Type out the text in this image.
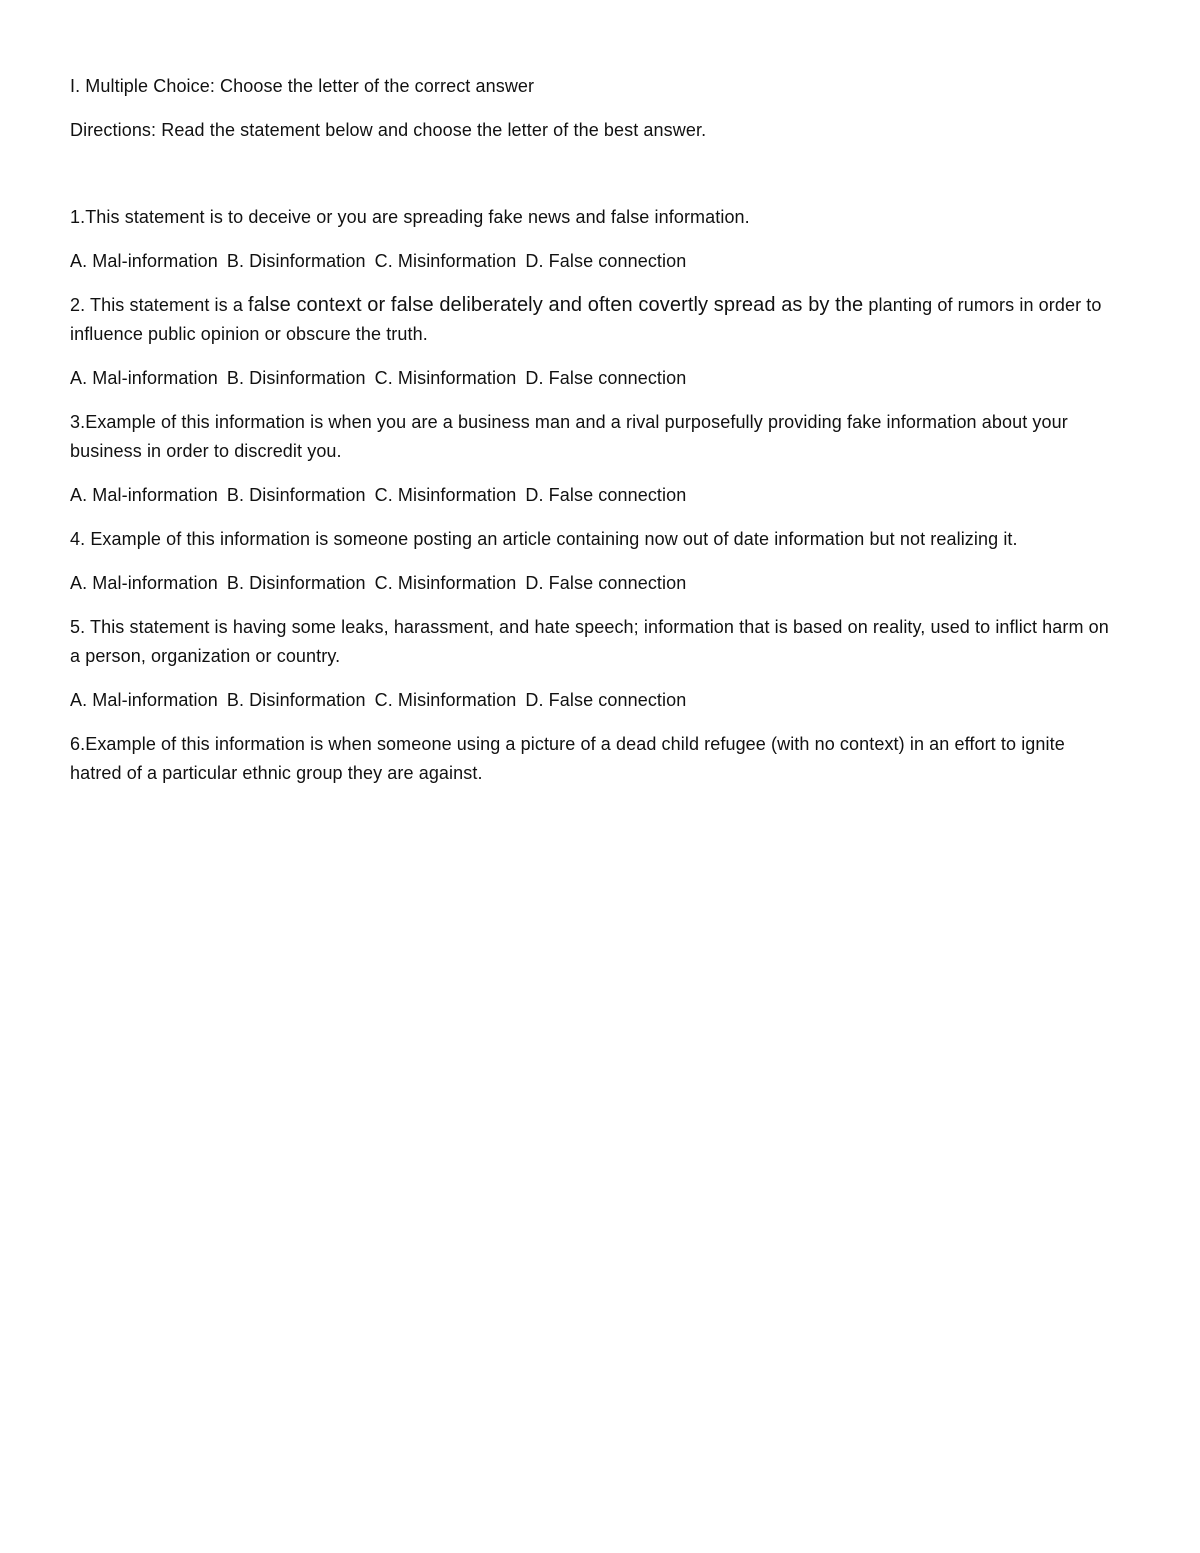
I. Multiple Choice: Choose the letter of the correct answer

Directions: Read the statement below and choose the letter of the best answer.

1.This statement is to deceive or you are spreading fake news and false information.

A. Mal-information B. Disinformation C. Misinformation D. False connection

2. This statement is a false context or false deliberately and often covertly spread as by the planting of rumors in order to influence public opinion or obscure the truth.

A. Mal-information B. Disinformation C. Misinformation D. False connection

3.Example of this information is when you are a business man and a rival purposefully providing fake information about your business in order to discredit you.

A. Mal-information B. Disinformation C. Misinformation D. False connection

4. Example of this information is someone posting an article containing now out of date information but not realizing it.

A. Mal-information B. Disinformation C. Misinformation D. False connection

5. This statement is having some leaks, harassment, and hate speech; information that is based on reality, used to inflict harm on a person, organization or country.

A. Mal-information B. Disinformation C. Misinformation D. False connection

6.Example of this information is when someone using a picture of a dead child refugee (with no context) in an effort to ignite hatred of a particular ethnic group they are against.
